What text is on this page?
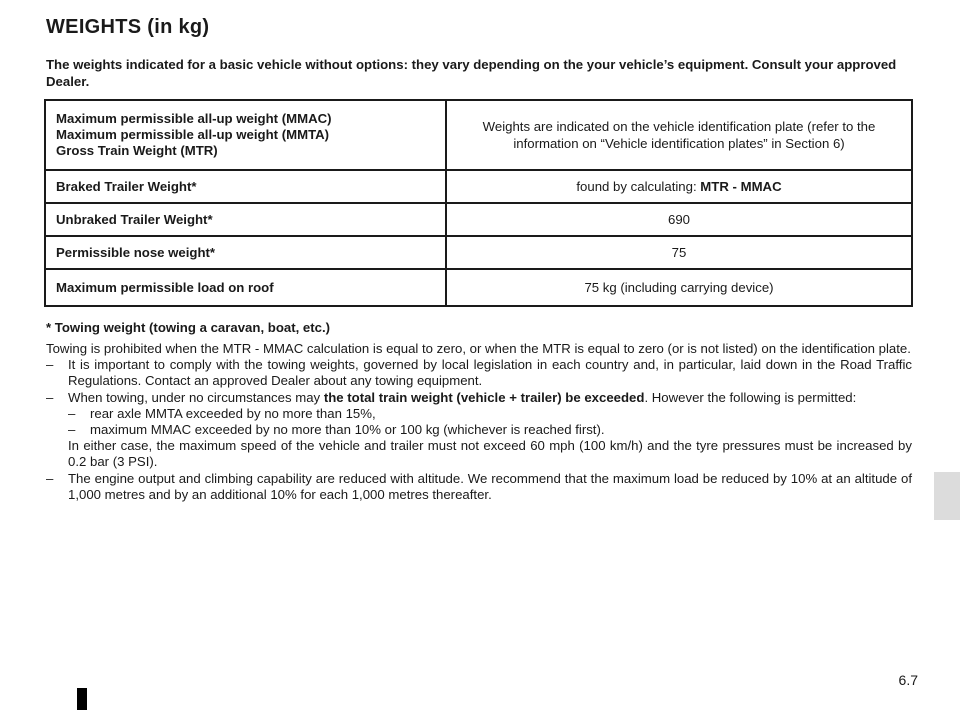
WEIGHTS (in kg)
The weights indicated for a basic vehicle without options: they vary depending on the your vehicle’s equipment. Consult your approved Dealer.
Maximum permissible all-up weight (MMAC)
Maximum permissible all-up weight (MMTA)
Gross Train Weight (MTR)	Weights are indicated on the vehicle identification plate (refer to the information on “Vehicle identification plates” in Section 6)
Braked Trailer Weight*	found by calculating: MTR - MMAC
Unbraked Trailer Weight*	690
Permissible nose weight*	75
Maximum permissible load on roof	75 kg (including carrying device)
* Towing weight (towing a caravan, boat, etc.)

Towing is prohibited when the MTR - MMAC calculation is equal to zero, or when the MTR is equal to zero (or is not listed) on the identification plate.

– It is important to comply with the towing weights, governed by local legislation in each country and, in particular, laid down in the Road Traffic Regulations. Contact an approved Dealer about any towing equipment.

– When towing, under no circumstances may the total train weight (vehicle + trailer) be exceeded. However the following is permitted:

– rear axle MMTA exceeded by no more than 15%,

– maximum MMAC exceeded by no more than 10% or 100 kg (whichever is reached first).

In either case, the maximum speed of the vehicle and trailer must not exceed 60 mph (100 km/h) and the tyre pressures must be increased by 0.2 bar (3 PSI).

– The engine output and climbing capability are reduced with altitude. We recommend that the maximum load be reduced by 10% at an altitude of 1,000 metres and by an additional 10% for each 1,000 metres thereafter.

6.7
